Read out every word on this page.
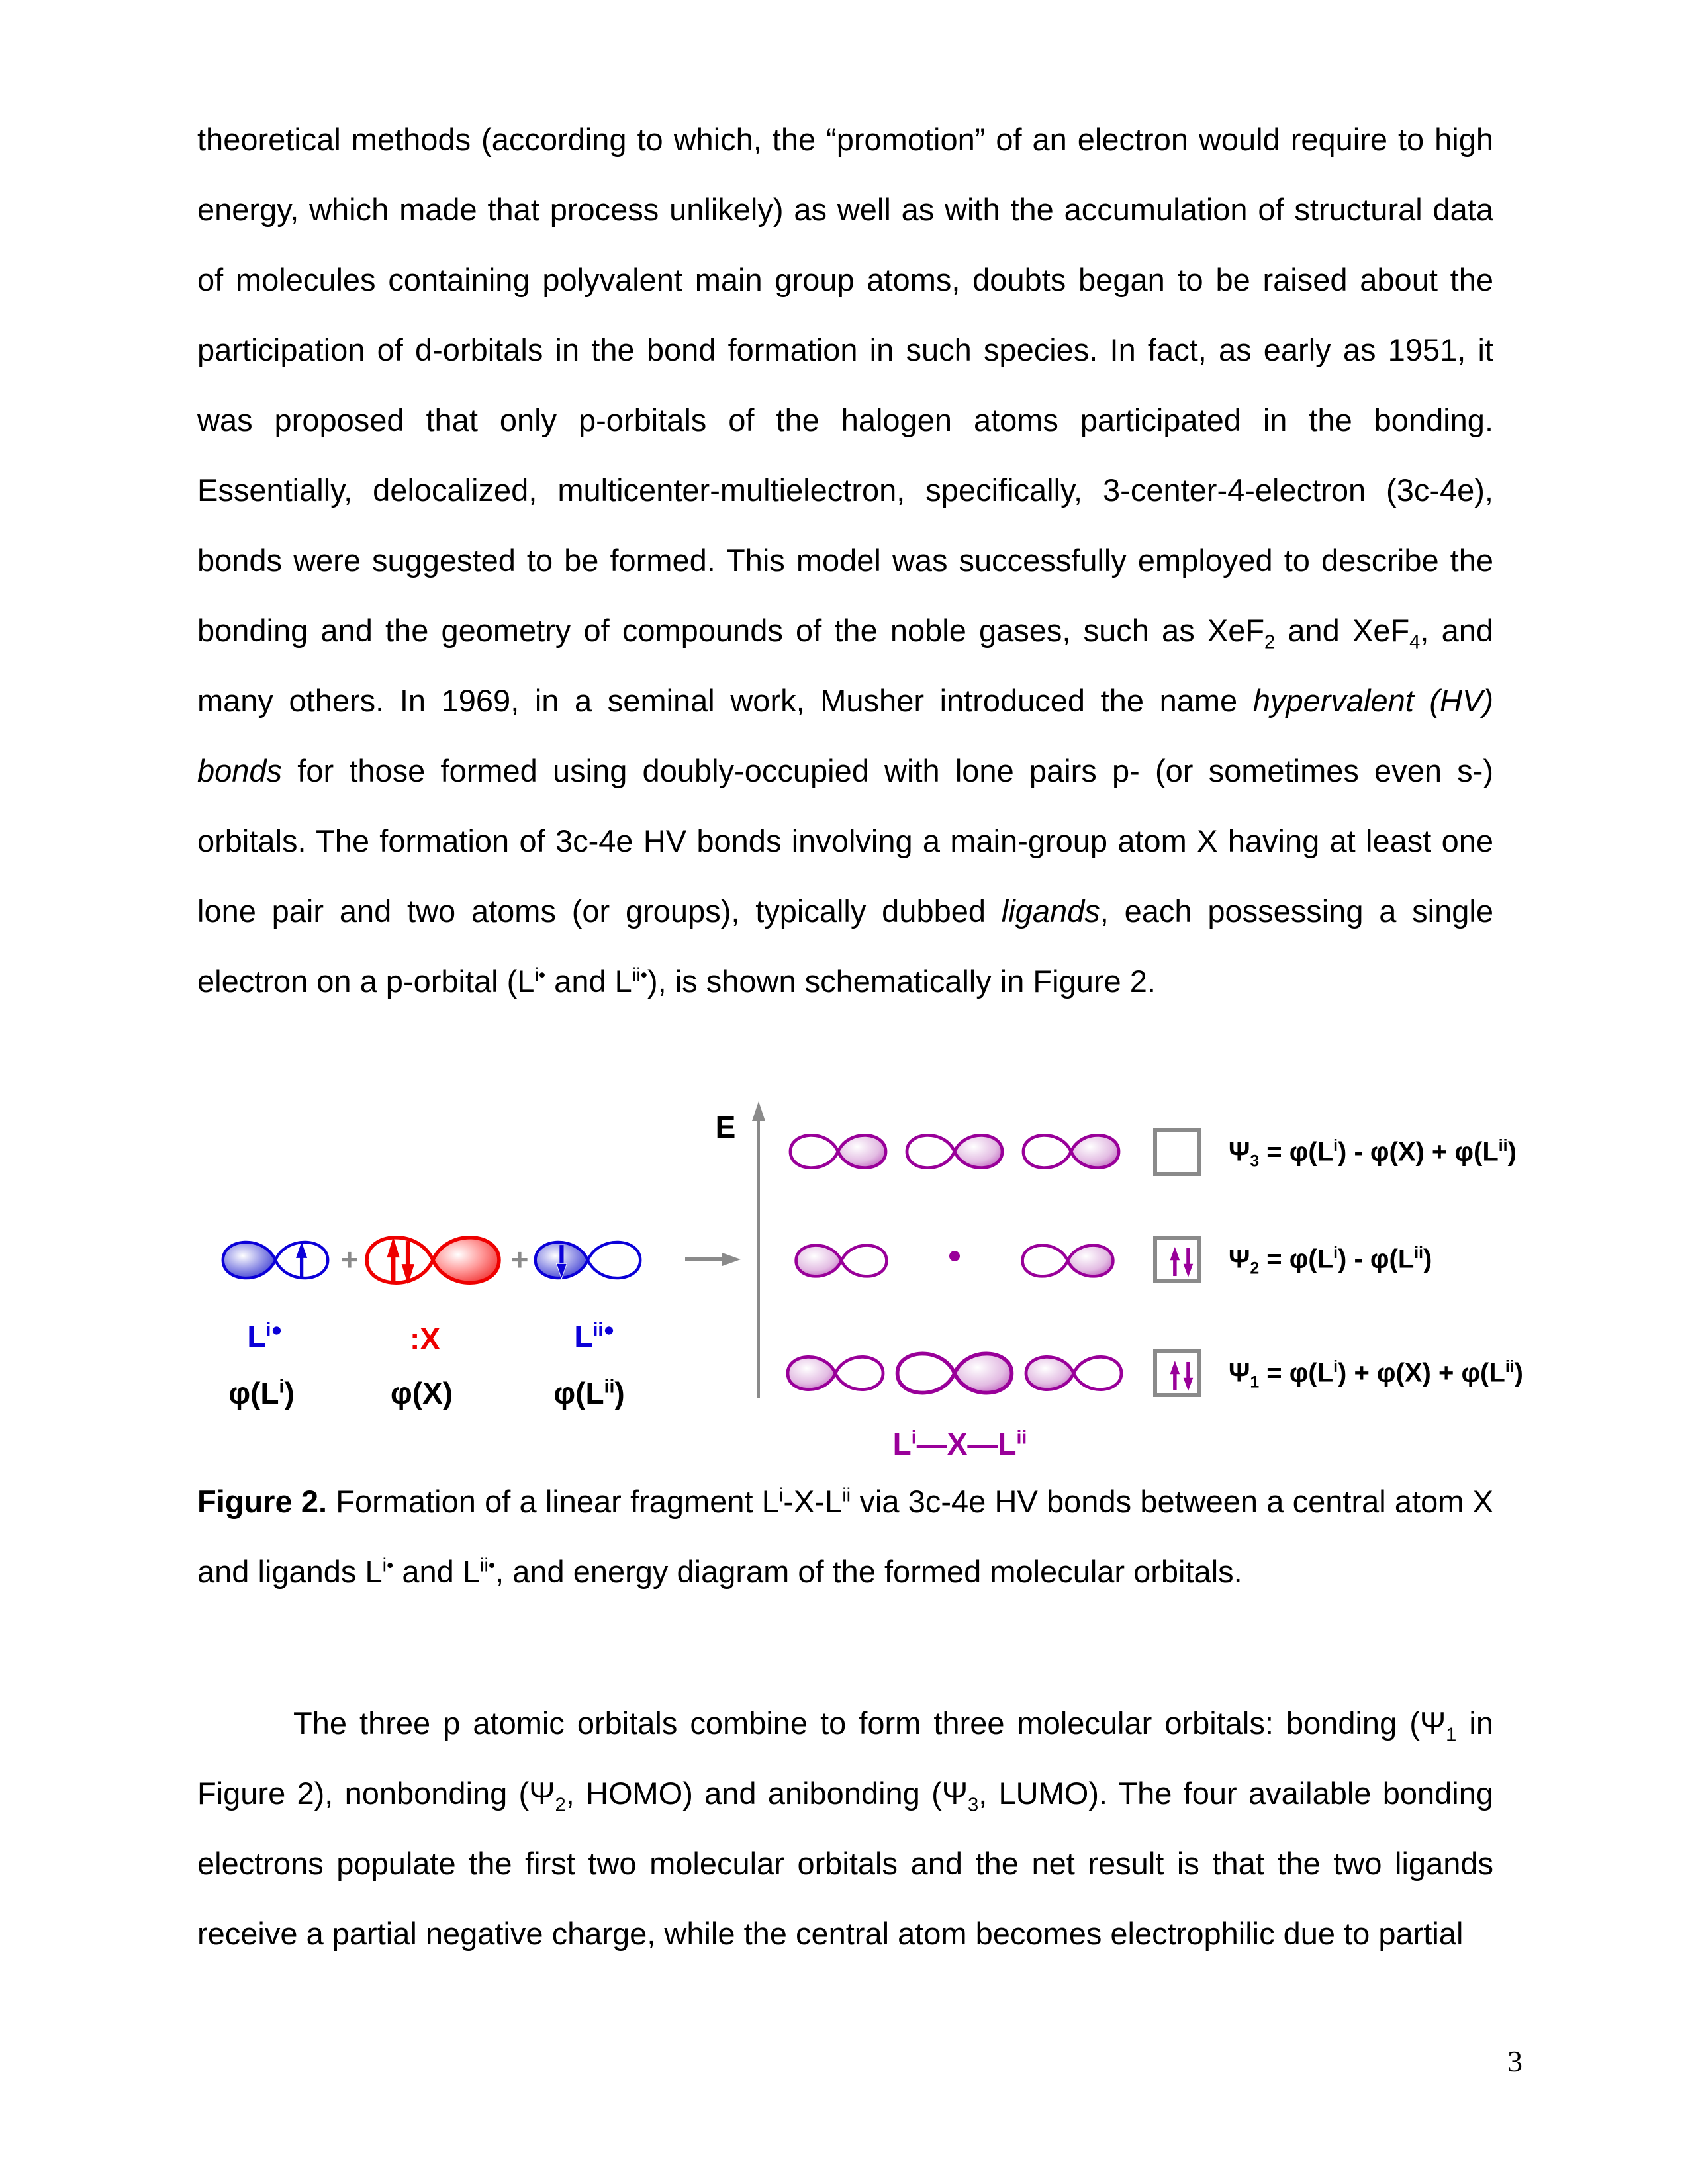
theoretical methods (according to which, the “promotion” of an electron would require to high energy, which made that process unlikely) as well as with the accumulation of structural data of molecules containing polyvalent main group atoms, doubts began to be raised about the participation of d-orbitals in the bond formation in such species. In fact, as early as 1951, it was proposed that only p-orbitals of the halogen atoms participated in the bonding. Essentially, delocalized, multicenter-multielectron, specifically, 3-center-4-electron (3c-4e), bonds were suggested to be formed. This model was successfully employed to describe the bonding and the geometry of compounds of the noble gases, such as XeF$_2$ and XeF$_4$, and many others. In 1969, in a seminal work, Musher introduced the name hypervalent (HV) bonds for those formed using doubly-occupied with lone pairs p- (or sometimes even s-) orbitals. The formation of 3c-4e HV bonds involving a main-group atom X having at least one lone pair and two atoms (or groups), typically dubbed ligands, each possessing a single electron on a p-orbital ($L^{i•}$ and $L^{ii•}$), is shown schematically in Figure 2.
+	+
$L^{i●}$	:X	$L^{ii●}$
$\varphi(L^i)$	φ(X)	$\varphi(L^{ii})$
E
$\Psi_3 = \varphi(L^i) - \varphi(X) + \varphi(L^{ii})$
$\Psi_2 = \varphi(L^i) - \varphi(L^{ii})$
$\Psi_1 = \varphi(L^i) + \varphi(X) + \varphi(L^{ii})$
$L^i—X—L^{ii}$
Figure 2. Formation of a linear fragment $L^i-X-L^{ii}$ via 3c-4e HV bonds between a central atom X and ligands $L^{i•}$ and $L^{ii•}$, and energy diagram of the formed molecular orbitals.
The three p atomic orbitals combine to form three molecular orbitals: bonding ($\Psi_1$ in Figure 2), nonbonding ($\Psi_2$, HOMO) and anibonding ($\Psi_3$, LUMO). The four available bonding electrons populate the first two molecular orbitals and the net result is that the two ligands receive a partial negative charge, while the central atom becomes electrophilic due to partial
3
